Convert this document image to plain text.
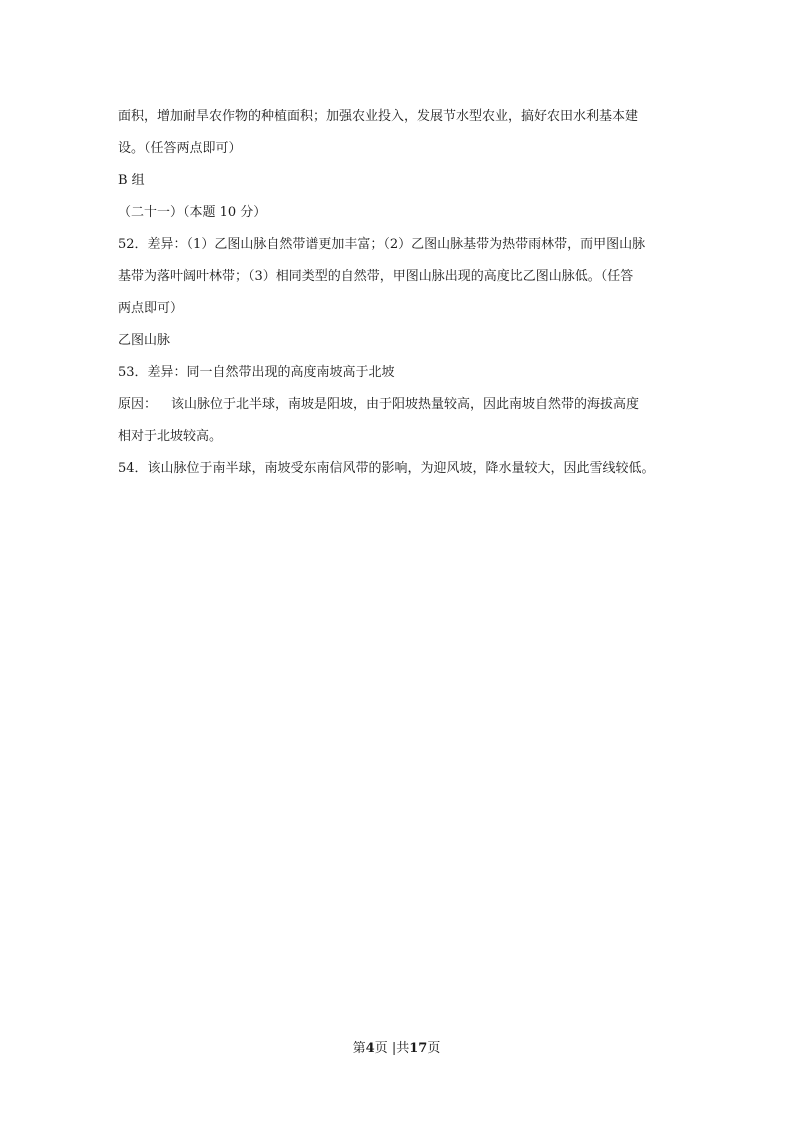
面积，增加耐旱农作物的种植面积；加强农业投入，发展节水型农业，搞好农田水利基本建
设。（任答两点即可）
B 组
（二十一）（本题 10 分）
52．差异：（1）乙图山脉自然带谱更加丰富；（2）乙图山脉基带为热带雨林带，而甲图山脉
基带为落叶阔叶林带；（3）相同类型的自然带，甲图山脉出现的高度比乙图山脉低。（任答
两点即可）
乙图山脉
53．差异：同一自然带出现的高度南坡高于北坡
原因： 该山脉位于北半球，南坡是阳坡，由于阳坡热量较高，因此南坡自然带的海拔高度
相对于北坡较高。
54．该山脉位于南半球，南坡受东南信风带的影响，为迎风坡，降水量较大，因此雪线较低。
第4页 |共17页
